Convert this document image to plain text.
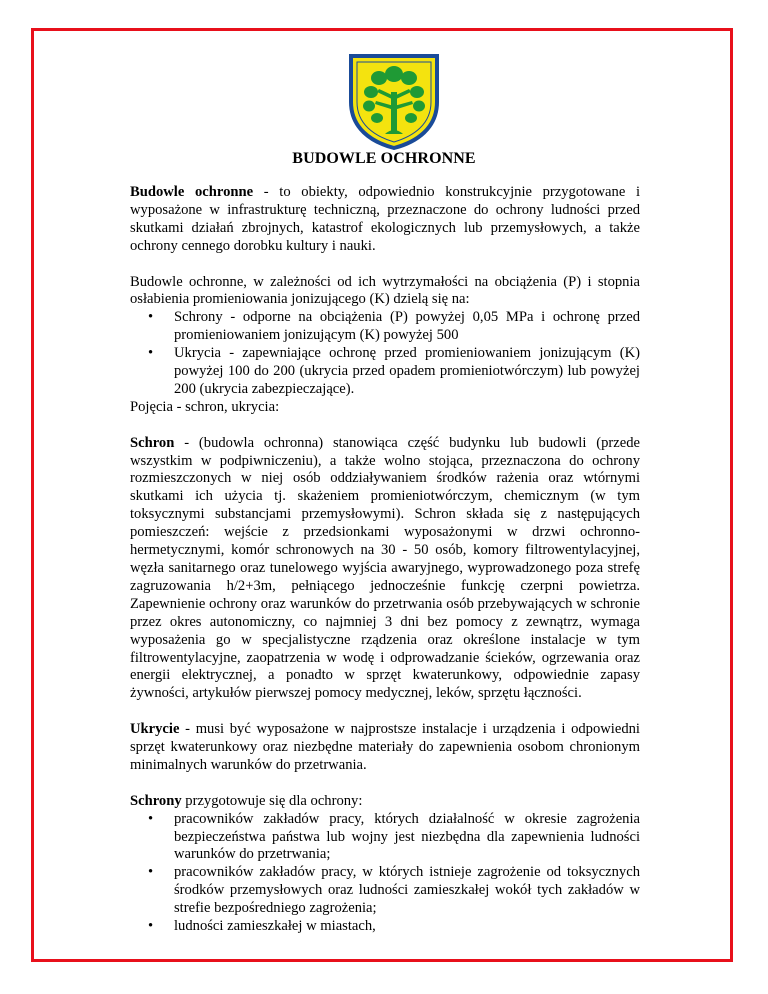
BUDOWLE OCHRONNE

Budowle ochronne - to obiekty, odpowiednio konstrukcyjnie przygotowane i wyposażone w infrastrukturę techniczną, przeznaczone do ochrony ludności przed skutkami działań zbrojnych, katastrof ekologicznych lub przemysłowych, a także ochrony cennego dorobku kultury i nauki.

Budowle ochronne, w zależności od ich wytrzymałości na obciążenia (P) i stopnia osłabienia promieniowania jonizującego (K) dzielą się na:

• Schrony - odporne na obciążenia (P) powyżej 0,05 MPa i ochronę przed promieniowaniem jonizującym (K) powyżej 500
• Ukrycia - zapewniające ochronę przed promieniowaniem jonizującym (K) powyżej 100 do 200 (ukrycia przed opadem promieniotwórczym) lub powyżej 200 (ukrycia zabezpieczające).

Pojęcia - schron, ukrycia:

Schron - (budowla ochronna) stanowiąca część budynku lub budowli (przede wszystkim w podpiwniczeniu), a także wolno stojąca, przeznaczona do ochrony rozmieszczonych w niej osób oddziaływaniem środków rażenia oraz wtórnymi skutkami ich użycia tj. skażeniem promieniotwórczym, chemicznym (w tym toksycznymi substancjami przemysłowymi). Schron składa się z następujących pomieszczeń: wejście z przedsionkami wyposażonymi w drzwi ochronno-hermetycznymi, komór schronowych na 30 - 50 osób, komory filtrowentylacyjnej, węzła sanitarnego oraz tunelowego wyjścia awaryjnego, wyprowadzonego poza strefę zagruzowania h/2+3m, pełniącego jednocześnie funkcję czerpni powietrza. Zapewnienie ochrony oraz warunków do przetrwania osób przebywających w schronie przez okres autonomiczny, co najmniej 3 dni bez pomocy z zewnątrz, wymaga wyposażenia go w specjalistyczne rządzenia oraz określone instalacje w tym filtrowentylacyjne, zaopatrzenia w wodę i odprowadzanie ścieków, ogrzewania oraz energii elektrycznej, a ponadto w sprzęt kwaterunkowy, odpowiednie zapasy żywności, artykułów pierwszej pomocy medycznej, leków, sprzętu łączności.

Ukrycie - musi być wyposażone w najprostsze instalacje i urządzenia i odpowiedni sprzęt kwaterunkowy oraz niezbędne materiały do zapewnienia osobom chronionym minimalnych warunków do przetrwania.

Schrony przygotowuje się dla ochrony:

• pracowników zakładów pracy, których działalność w okresie zagrożenia bezpieczeństwa państwa lub wojny jest niezbędna dla zapewnienia ludności warunków do przetrwania;
• pracowników zakładów pracy, w których istnieje zagrożenie od toksycznych środków przemysłowych oraz ludności zamieszkałej wokół tych zakładów w strefie bezpośredniego zagrożenia;
• ludności zamieszkałej w miastach,
